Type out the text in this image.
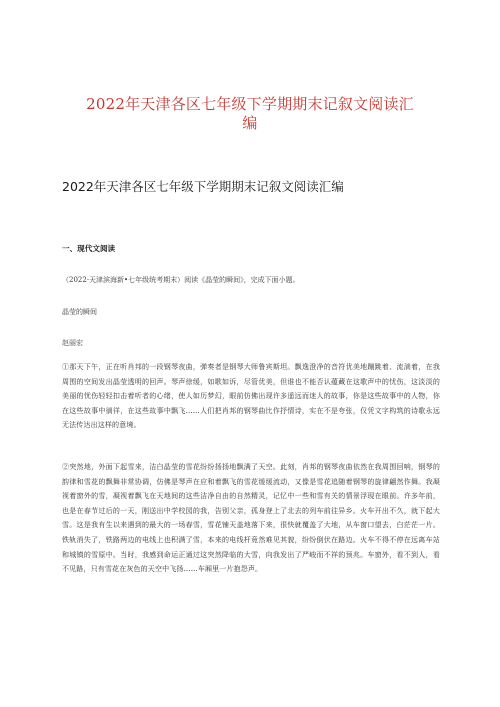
2022年天津各区七年级下学期期末记叙文阅读汇
编
2022年天津各区七年级下学期期末记叙文阅读汇编
一、现代文阅读
（2022·天津滨海新•七年级统考期末）阅读《晶莹的瞬间》，完成下面小题。
晶莹的瞬间
赵丽宏
①那天下午，正在听肖邦的一段钢琴夜曲，弹奏者是钢琴大师鲁宾斯坦。飘逸澄净的音符优美地蹦跳着、流淌着，在我周围的空间发出晶莹透明的回声。琴声徐缓，如歌如诉，尽管优美，但谁也不能否认蕴藏在这歌声中的忧伤，这淡淡的美丽的忧伤轻轻扣击着听者的心绪，使人如历梦幻，眼前仿佛出现许多遥远而迷人的故事，你是这些故事中的人物，你在这些故事中徜徉，在这些故事中飘飞……人们把肖邦的钢琴曲比作抒情诗，实在不是夸张，仅凭文字构筑的诗歌永远无法传达出这样的意境。
②突然地，外面下起雪来，洁白晶莹的雪花纷纷扬扬地飘满了天空。此刻，肖邦的钢琴夜曲依然在我周围回响，钢琴的韵律和雪花的飘舞非常协调，仿佛是琴声在应和着飘飞的雪花缓缓流动，又像是雪花追随着钢琴的旋律翩然作舞。我凝视着窗外的雪，凝视着飘飞在天地间的这些洁净自由的自然精灵，记忆中一些和雪有关的情景浮现在眼前。许多年前，也是在春节过后的一天，刚送出中学校园的我，告别父亲，孤身登上了北去的列车前往异乡。火车开出不久，就下起大雪。这是我有生以来遇到的最大的一场春雪，雪花铺天盖地落下来，很快就覆盖了大地，从车窗口望去，白茫茫一片。铁轨消失了，铁路两边的电线上也积满了雪，本来的电线杆竟然难见其貌，纷纷倒伏在路边。火车不得不停在远离车站和城镇的雪原中。当时，我感到命运正通过这突然降临的大雪，向我发出了严峻而不祥的预兆。车窗外，看不到人，看不见路，只有雪花在灰色的天空中飞扬……车厢里一片抱怨声。
